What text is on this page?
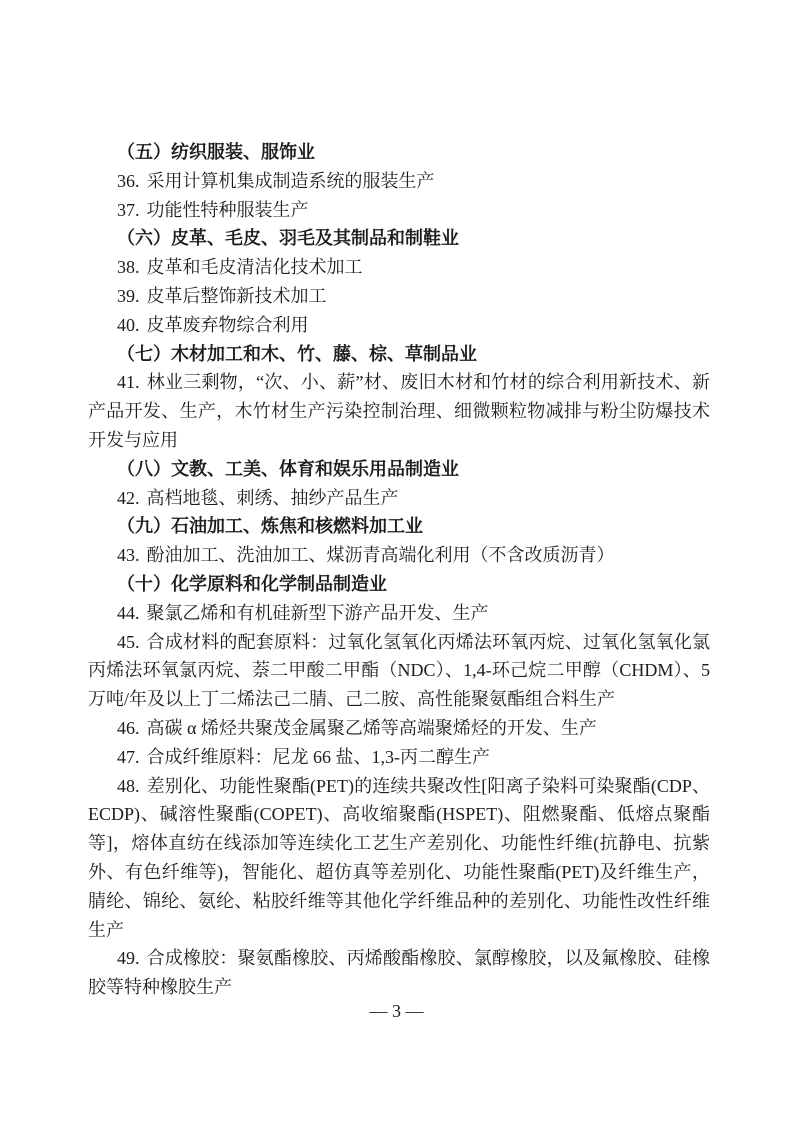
（五）纺织服装、服饰业

36. 采用计算机集成制造系统的服装生产

37. 功能性特种服装生产

（六）皮革、毛皮、羽毛及其制品和制鞋业

38. 皮革和毛皮清洁化技术加工

39. 皮革后整饰新技术加工

40. 皮革废弃物综合利用

（七）木材加工和木、竹、藤、棕、草制品业

41. 林业三剩物，“次、小、薪”材、废旧木材和竹材的综合利用新技术、新产品开发、生产，木竹材生产污染控制治理、细微颗粒物减排与粉尘防爆技术开发与应用

（八）文教、工美、体育和娱乐用品制造业

42. 高档地毯、刺绣、抽纱产品生产

（九）石油加工、炼焦和核燃料加工业

43. 酚油加工、洗油加工、煤沥青高端化利用（不含改质沥青）

（十）化学原料和化学制品制造业

44. 聚氯乙烯和有机硅新型下游产品开发、生产

45. 合成材料的配套原料：过氧化氢氧化丙烯法环氧丙烷、过氧化氢氧化氯丙烯法环氧氯丙烷、萘二甲酸二甲酯（NDC）、1,4-环己烷二甲醇（CHDM）、5 万吨/年及以上丁二烯法己二腈、己二胺、高性能聚氨酯组合料生产

46. 高碳 α 烯烃共聚茂金属聚乙烯等高端聚烯烃的开发、生产

47. 合成纤维原料：尼龙 66 盐、1,3-丙二醇生产

48. 差别化、功能性聚酯(PET)的连续共聚改性[阳离子染料可染聚酯(CDP、ECDP)、碱溶性聚酯(COPET)、高收缩聚酯(HSPET)、阻燃聚酯、低熔点聚酯等]，熔体直纺在线添加等连续化工艺生产差别化、功能性纤维(抗静电、抗紫外、有色纤维等)，智能化、超仿真等差别化、功能性聚酯(PET)及纤维生产，腈纶、锦纶、氨纶、粘胶纤维等其他化学纤维品种的差别化、功能性改性纤维生产

49. 合成橡胶：聚氨酯橡胶、丙烯酸酯橡胶、氯醇橡胶，以及氟橡胶、硅橡胶等特种橡胶生产

— 3 —
